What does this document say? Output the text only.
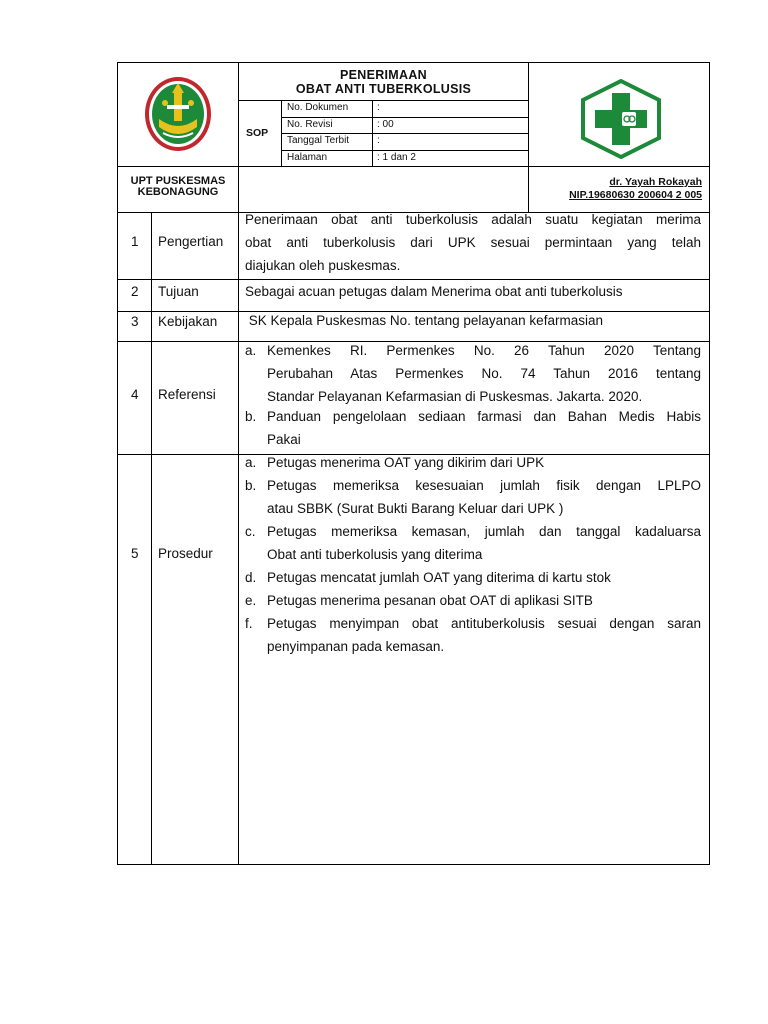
PENERIMAAN
OBAT ANTI TUBERKOLUSIS
SOP
No. Dokumen	:
No. Revisi	: 00
Tanggal Terbit	:
Halaman	: 1 dan 2
UPT PUSKESMAS
KEBONAGUNG
dr. Yayah Rokayah
NIP.19680630 200604 2 005
1 Pengertian
Penerimaan obat anti tuberkolusis adalah suatu kegiatan merima
obat anti tuberkolusis dari UPK sesuai permintaan yang telah
diajukan oleh puskesmas.
2 Tujuan	Sebagai acuan petugas dalam Menerima obat anti tuberkolusis
3 Kebijakan SK Kepala Puskesmas No. tentang pelayanan kefarmasian
4 Referensi
a. Kemenkes RI. Permenkes No. 26 Tahun 2020 Tentang
Perubahan Atas Permenkes No. 74 Tahun 2016 tentang
Standar Pelayanan Kefarmasian di Puskesmas. Jakarta. 2020.
b. Panduan pengelolaan sediaan farmasi dan Bahan Medis Habis
Pakai
5 Prosedur
a. Petugas menerima OAT yang dikirim dari UPK
b. Petugas memeriksa kesesuaian jumlah fisik dengan LPLPO
atau SBBK (Surat Bukti Barang Keluar dari UPK )
c. Petugas memeriksa kemasan, jumlah dan tanggal kadaluarsa
Obat anti tuberkolusis yang diterima
d. Petugas mencatat jumlah OAT yang diterima di kartu stok
e. Petugas menerima pesanan obat OAT di aplikasi SITB
f. Petugas menyimpan obat antituberkolusis sesuai dengan saran
penyimpanan pada kemasan.
